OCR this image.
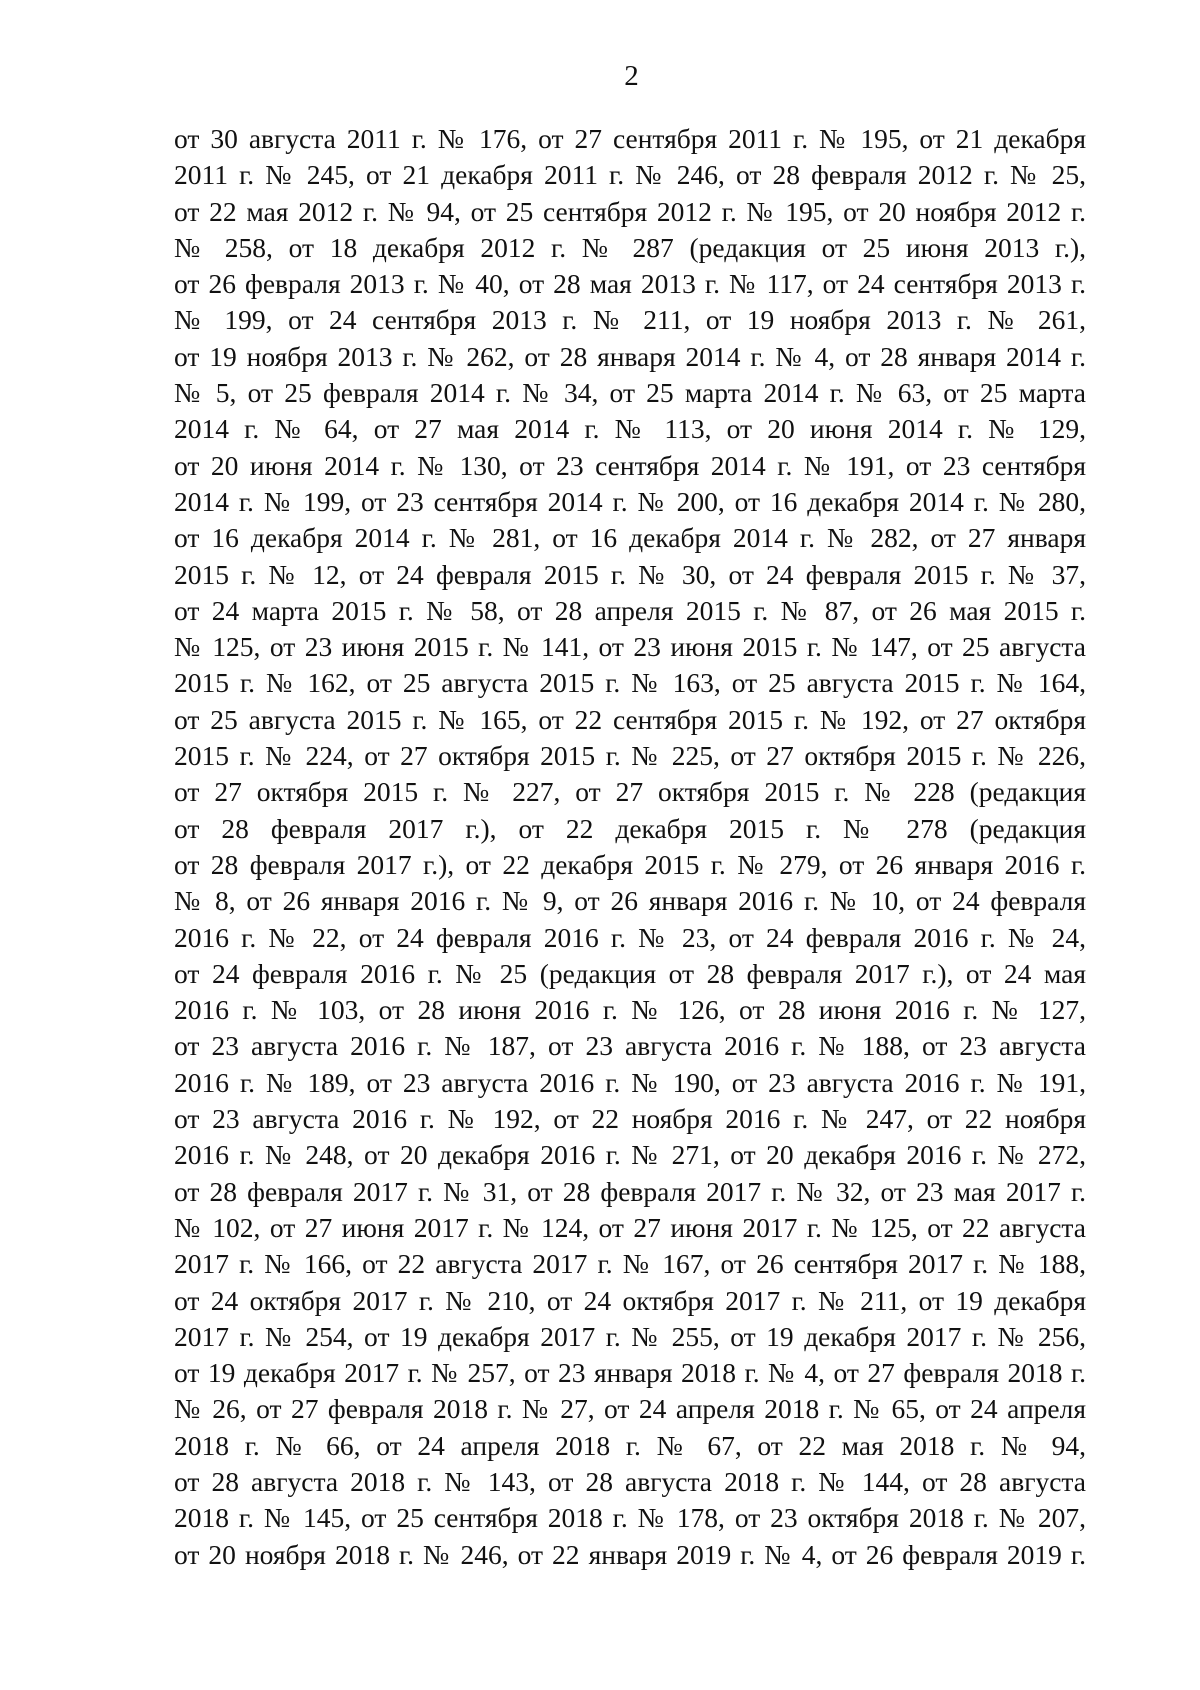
2
от 30 августа 2011 г. № 176, от 27 сентября 2011 г. № 195, от 21 декабря
2011 г. № 245, от 21 декабря 2011 г. № 246, от 28 февраля 2012 г. № 25,
от 22 мая 2012 г. № 94, от 25 сентября 2012 г. № 195, от 20 ноября 2012 г.
№ 258, от 18 декабря 2012 г. № 287 (редакция от 25 июня 2013 г.),
от 26 февраля 2013 г. № 40, от 28 мая 2013 г. № 117, от 24 сентября 2013 г.
№ 199, от 24 сентября 2013 г. № 211, от 19 ноября 2013 г. № 261,
от 19 ноября 2013 г. № 262, от 28 января 2014 г. № 4, от 28 января 2014 г.
№ 5, от 25 февраля 2014 г. № 34, от 25 марта 2014 г. № 63, от 25 марта
2014 г. № 64, от 27 мая 2014 г. № 113, от 20 июня 2014 г. № 129,
от 20 июня 2014 г. № 130, от 23 сентября 2014 г. № 191, от 23 сентября
2014 г. № 199, от 23 сентября 2014 г. № 200, от 16 декабря 2014 г. № 280,
от 16 декабря 2014 г. № 281, от 16 декабря 2014 г. № 282, от 27 января
2015 г. № 12, от 24 февраля 2015 г. № 30, от 24 февраля 2015 г. № 37,
от 24 марта 2015 г. № 58, от 28 апреля 2015 г. № 87, от 26 мая 2015 г.
№ 125, от 23 июня 2015 г. № 141, от 23 июня 2015 г. № 147, от 25 августа
2015 г. № 162, от 25 августа 2015 г. № 163, от 25 августа 2015 г. № 164,
от 25 августа 2015 г. № 165, от 22 сентября 2015 г. № 192, от 27 октября
2015 г. № 224, от 27 октября 2015 г. № 225, от 27 октября 2015 г. № 226,
от 27 октября 2015 г. № 227, от 27 октября 2015 г. № 228 (редакция
от 28 февраля 2017 г.), от 22 декабря 2015 г. № 278 (редакция
от 28 февраля 2017 г.), от 22 декабря 2015 г. № 279, от 26 января 2016 г.
№ 8, от 26 января 2016 г. № 9, от 26 января 2016 г. № 10, от 24 февраля
2016 г. № 22, от 24 февраля 2016 г. № 23, от 24 февраля 2016 г. № 24,
от 24 февраля 2016 г. № 25 (редакция от 28 февраля 2017 г.), от 24 мая
2016 г. № 103, от 28 июня 2016 г. № 126, от 28 июня 2016 г. № 127,
от 23 августа 2016 г. № 187, от 23 августа 2016 г. № 188, от 23 августа
2016 г. № 189, от 23 августа 2016 г. № 190, от 23 августа 2016 г. № 191,
от 23 августа 2016 г. № 192, от 22 ноября 2016 г. № 247, от 22 ноября
2016 г. № 248, от 20 декабря 2016 г. № 271, от 20 декабря 2016 г. № 272,
от 28 февраля 2017 г. № 31, от 28 февраля 2017 г. № 32, от 23 мая 2017 г.
№ 102, от 27 июня 2017 г. № 124, от 27 июня 2017 г. № 125, от 22 августа
2017 г. № 166, от 22 августа 2017 г. № 167, от 26 сентября 2017 г. № 188,
от 24 октября 2017 г. № 210, от 24 октября 2017 г. № 211, от 19 декабря
2017 г. № 254, от 19 декабря 2017 г. № 255, от 19 декабря 2017 г. № 256,
от 19 декабря 2017 г. № 257, от 23 января 2018 г. № 4, от 27 февраля 2018 г.
№ 26, от 27 февраля 2018 г. № 27, от 24 апреля 2018 г. № 65, от 24 апреля
2018 г. № 66, от 24 апреля 2018 г. № 67, от 22 мая 2018 г. № 94,
от 28 августа 2018 г. № 143, от 28 августа 2018 г. № 144, от 28 августа
2018 г. № 145, от 25 сентября 2018 г. № 178, от 23 октября 2018 г. № 207,
от 20 ноября 2018 г. № 246, от 22 января 2019 г. № 4, от 26 февраля 2019 г.
